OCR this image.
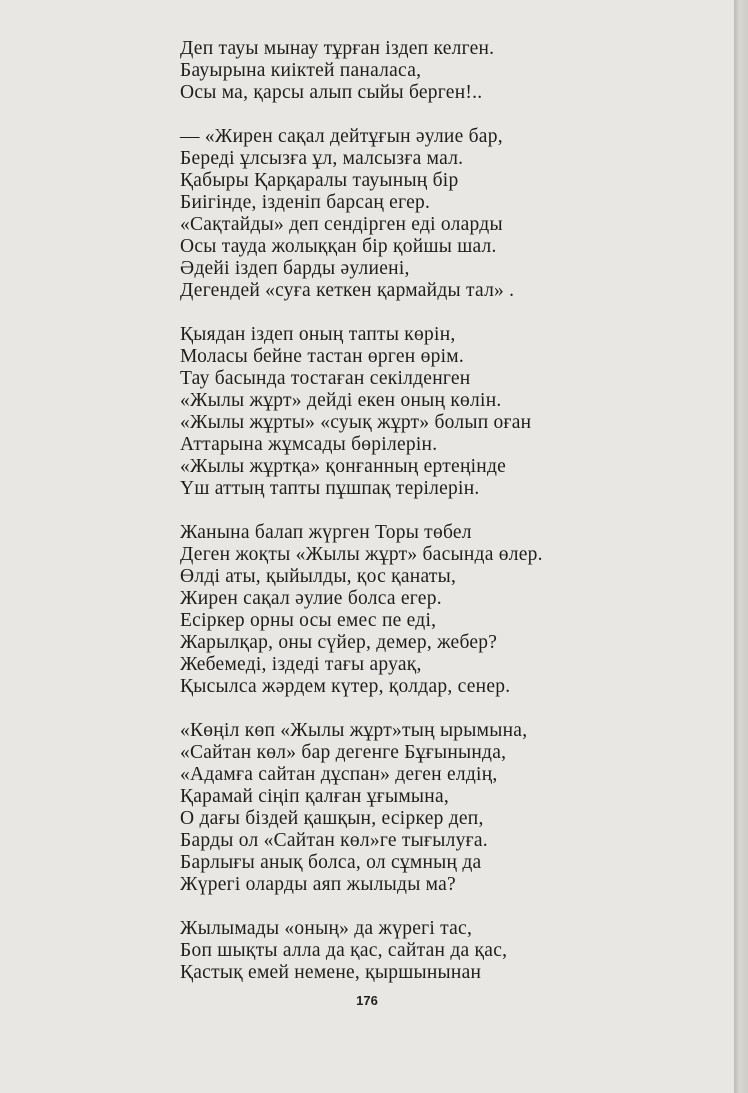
Деп тауы мынау тұрған іздеп келген.
Бауырына киіктей паналаса,
Осы ма, қарсы алып сыйы берген!..
— «Жирен сақал дейтұғын әулие бар,
Береді ұлсызға ұл, малсызға мал.
Қабыры Қарқаралы тауының бір
Биігінде, ізденіп барсаң егер.
«Сақтайды» деп сендірген еді оларды
Осы тауда жолыққан бір қойшы шал.
Әдейі іздеп барды әулиені,
Дегендей «суға кеткен қармайды тал» .
Қыядан іздеп оның тапты көрін,
Моласы бейне тастан өрген өрім.
Тау басында тостаған секілденген
«Жылы жұрт» дейді екен оның көлін.
«Жылы жұрты» «суық жұрт» болып оған
Аттарына жұмсады бөрілерін.
«Жылы жұртқа» қонғанның ертеңінде
Үш аттың тапты пұшпақ терілерін.
Жанына балап жүрген Торы төбел
Деген жоқты «Жылы жұрт» басында өлер.
Өлді аты, қыйылды, қос қанаты,
Жирен сақал әулие болса егер.
Есіркер орны осы емес пе еді,
Жарылқар, оны сүйер, демер, жебер?
Жебемеді, іздеді тағы аруақ,
Қысылса жәрдем күтер, қолдар, сенер.
«Көңіл көп «Жылы жұрт»тың ырымына,
«Сайтан көл» бар дегенге Бұғынында,
«Адамға сайтан дұспан» деген елдің,
Қарамай сіңіп қалған ұғымына,
О дағы біздей қашқын, есіркер деп,
Барды ол «Сайтан көл»ге тығылуға.
Барлығы анық болса, ол сұмның да
Жүрегі оларды аяп жылыды ма?
Жылымады «оның» да жүрегі тас,
Боп шықты алла да қас, сайтан да қас,
Қастық емей немене, қыршынынан
176
